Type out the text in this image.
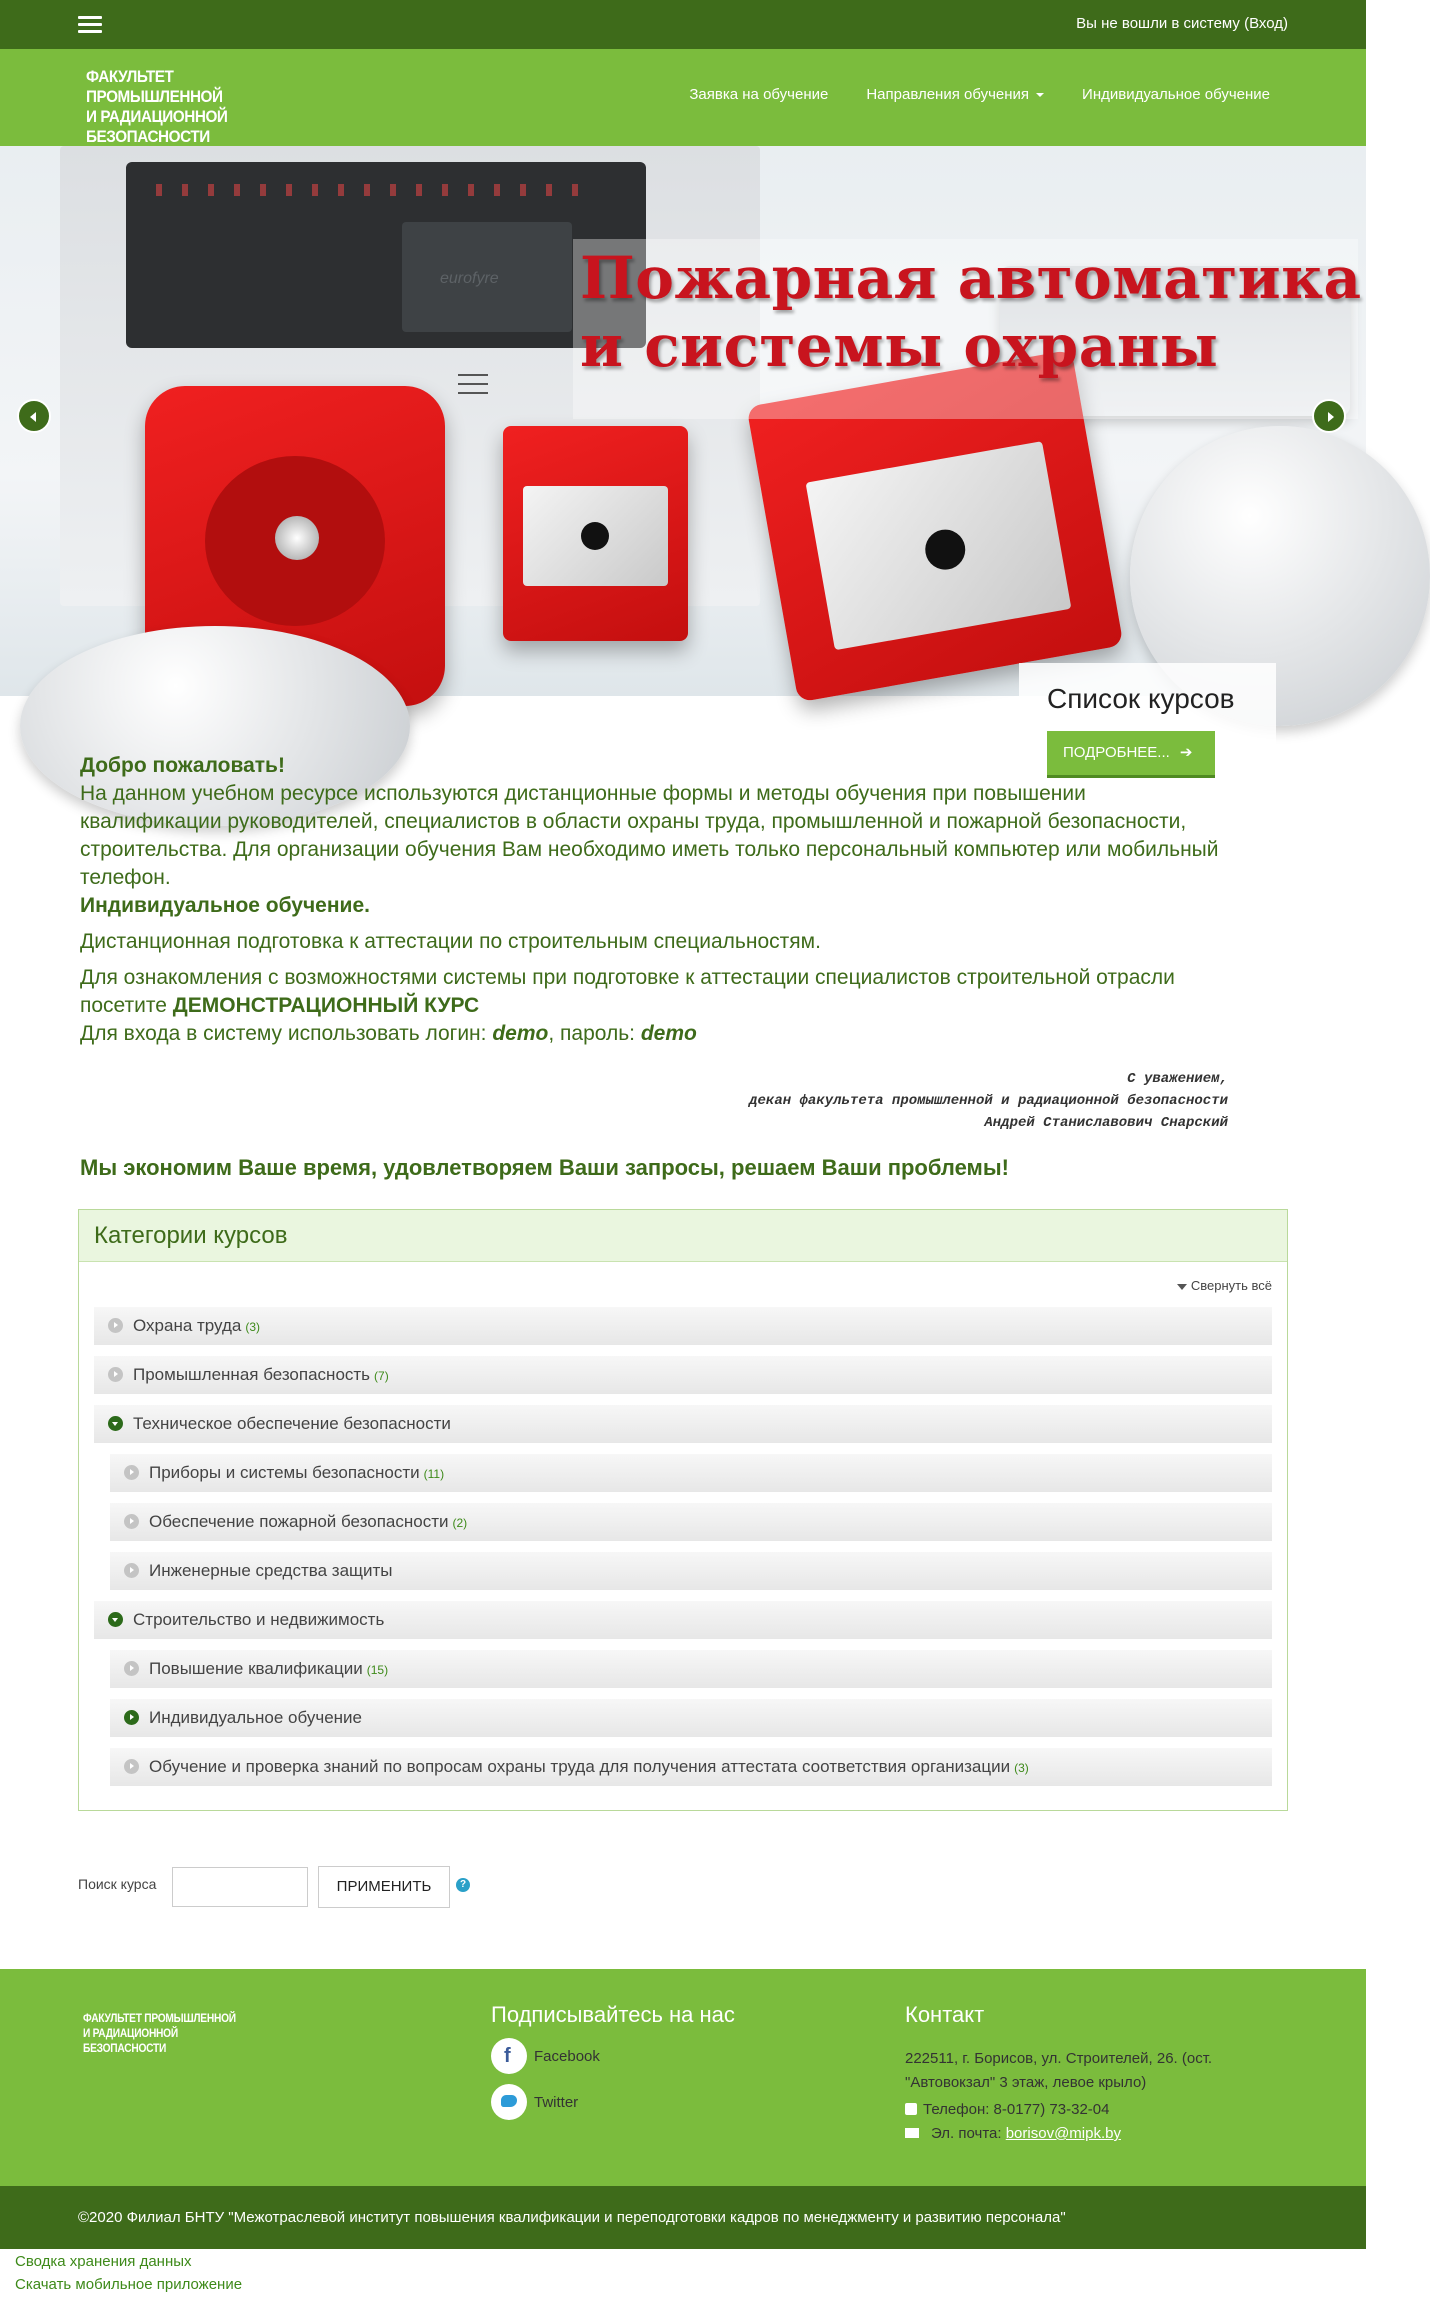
Вы не вошли в систему (Вход)
ФАКУЛЬТЕТ ПРОМЫШЛЕННОЙ
И РАДИАЦИОННОЙ БЕЗОПАСНОСТИ
Заявка на обучение	Направления обучения	Индивидуальное обучение
eurofyre Пожарная автоматика
и системы охраны
Список курсов
ПОДРОБНЕЕ... ➔
Добро пожаловать!
На данном учебном ресурсе используются дистанционные формы и методы обучения при повышении квалификации руководителей, специалистов в области охраны труда, промышленной и пожарной безопасности, строительства. Для организации обучения Вам необходимо иметь только персональный компьютер или мобильный телефон.
Индивидуальное обучение.
Дистанционная подготовка к аттестации по строительным специальностям.
Для ознакомления с возможностями системы при подготовке к аттестации специалистов строительной отрасли посетите ДЕМОНСТРАЦИОННЫЙ КУРС
Для входа в систему использовать логин: demo, пароль: demo
С уважением,
декан факультета промышленной и радиационной безопасности
Андрей Станиславович Снарский
Мы экономим Ваше время, удовлетворяем Ваши запросы, решаем Ваши проблемы!
Категории курсов
Свернуть всё
Охрана труда (3)
Промышленная безопасность (7)
Техническое обеспечение безопасности
Приборы и системы безопасности (11)
Обеспечение пожарной безопасности (2)
Инженерные средства защиты
Строительство и недвижимость
Повышение квалификации (15)
Индивидуальное обучение
Обучение и проверка знаний по вопросам охраны труда для получения аттестата соответствия организации (3)
Поиск курса	ПРИМЕНИТЬ	?
ФАКУЛЬТЕТ ПРОМЫШЛЕННОЙ
И РАДИАЦИОННОЙ БЕЗОПАСНОСТИ
Подписывайтесь на нас	Контакт
f Facebook
Twitter
222511, г. Борисов, ул. Строителей, 26. (ост. "Автовокзал" 3 этаж, левое крыло)
Телефон: 8-0177) 73-32-04
Эл. почта: borisov@mipk.by
©2020 Филиал БНТУ "Межотраслевой институт повышения квалификации и переподготовки кадров по менеджменту и развитию персонала"
Сводка хранения данных
Скачать мобильное приложение
